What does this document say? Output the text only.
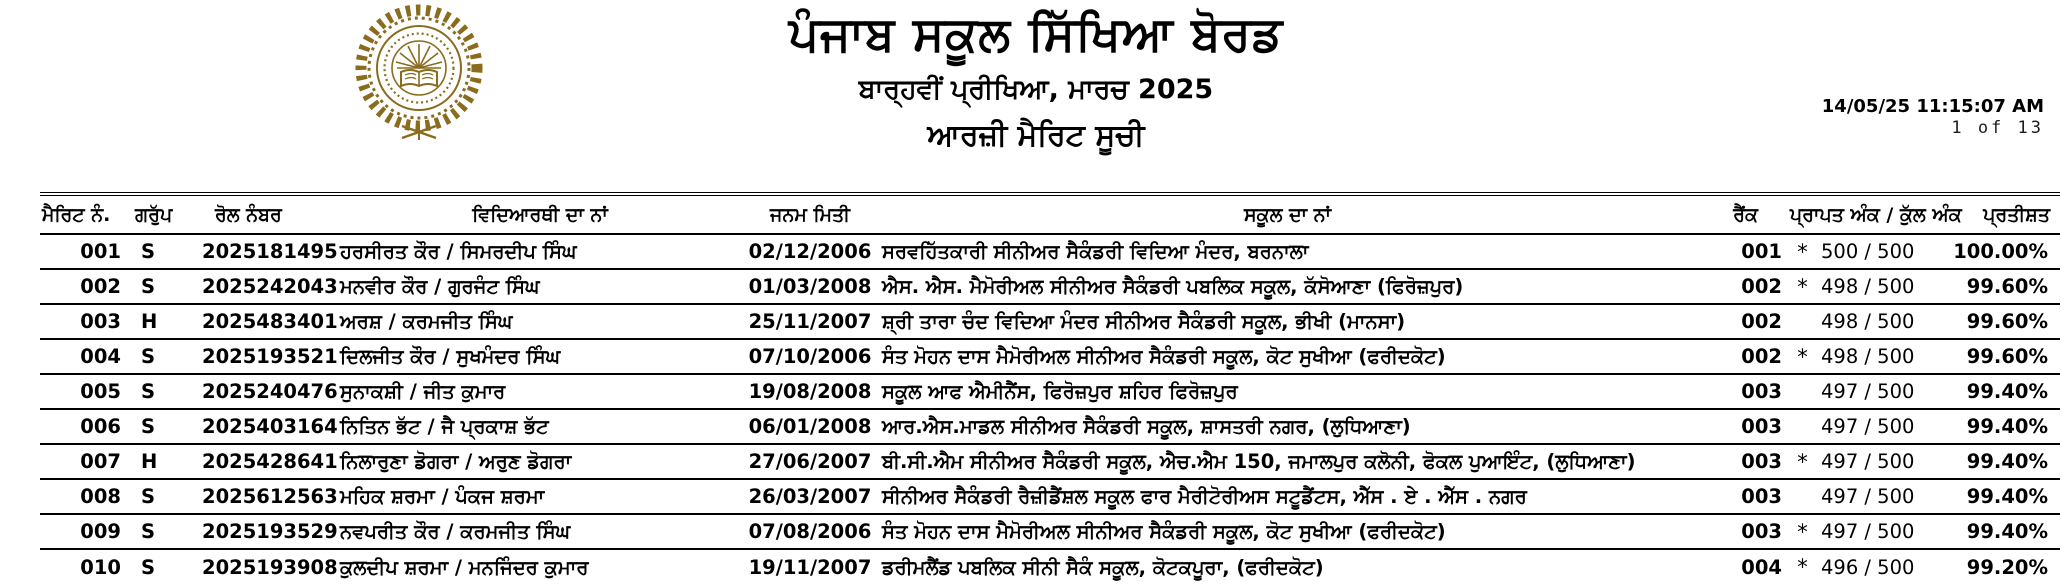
ਪੰਜਾਬ ਸਕੂਲ ਸਿੱਖਿਆ ਬੋਰਡ
ਬਾਰ੍ਹਵੀਂ ਪ੍ਰੀਖਿਆ, ਮਾਰਚ 2025
ਆਰਜ਼ੀ ਮੈਰਿਟ ਸੂਚੀ
14/05/25 11:15:07 AM
1 of 13
ਮੈਰਿਟ ਨੰ.	ਗਰੁੱਪ	ਰੋਲ ਨੰਬਰ	ਵਿਦਿਆਰਥੀ ਦਾ ਨਾਂ	ਜਨਮ ਮਿਤੀ	ਸਕੂਲ ਦਾ ਨਾਂ	ਰੈਂਕ	ਪ੍ਰਾਪਤ ਅੰਕ / ਕੁੱਲ ਅੰਕ		ਪ੍ਰਤੀਸ਼ਤ
001	S	2025181495	ਹਰਸੀਰਤ ਕੌਰ / ਸਿਮਰਦੀਪ ਸਿੰਘ	02/12/2006	ਸਰਵਹਿੱਤਕਾਰੀ ਸੀਨੀਅਰ ਸੈਕੰਡਰੀ ਵਿਦਿਆ ਮੰਦਰ, ਬਰਨਾਲਾ	001	*	500 / 500	100.00%
002	S	2025242043	ਮਨਵੀਰ ਕੌਰ / ਗੁਰਜੰਟ ਸਿੰਘ	01/03/2008	ਐਸ. ਐਸ. ਮੈਮੋਰੀਅਲ ਸੀਨੀਅਰ ਸੈਕੰਡਰੀ ਪਬਲਿਕ ਸਕੂਲ, ਕੱਸੋਆਣਾ (ਫਿਰੋਜ਼ਪੁਰ)	002	*	498 / 500	99.60%
003	H	2025483401	ਅਰਸ਼ / ਕਰਮਜੀਤ ਸਿੰਘ	25/11/2007	ਸ਼੍ਰੀ ਤਾਰਾ ਚੰਦ ਵਿਦਿਆ ਮੰਦਰ ਸੀਨੀਅਰ ਸੈਕੰਡਰੀ ਸਕੂਲ, ਭੀਖੀ (ਮਾਨਸਾ)	002		498 / 500	99.60%
004	S	2025193521	ਦਿਲਜੀਤ ਕੌਰ / ਸੁਖਮੰਦਰ ਸਿੰਘ	07/10/2006	ਸੰਤ ਮੋਹਨ ਦਾਸ ਮੈਮੋਰੀਅਲ ਸੀਨੀਅਰ ਸੈਕੰਡਰੀ ਸਕੂਲ, ਕੋਟ ਸੁਖੀਆ (ਫਰੀਦਕੋਟ)	002	*	498 / 500	99.60%
005	S	2025240476	ਸੁਨਾਕਸ਼ੀ / ਜੀਤ ਕੁਮਾਰ	19/08/2008	ਸਕੂਲ ਆਫ ਐਮੀਨੈਂਸ, ਫਿਰੋਜ਼ਪੁਰ ਸ਼ਹਿਰ ਫਿਰੋਜ਼ਪੁਰ	003		497 / 500	99.40%
006	S	2025403164	ਨਿਤਿਨ ਭੱਟ / ਜੈ ਪ੍ਰਕਾਸ਼ ਭੱਟ	06/01/2008	ਆਰ.ਐਸ.ਮਾਡਲ ਸੀਨੀਅਰ ਸੈਕੰਡਰੀ ਸਕੂਲ, ਸ਼ਾਸਤਰੀ ਨਗਰ, (ਲੁਧਿਆਣਾ)	003		497 / 500	99.40%
007	H	2025428641	ਨਿਲਾਰੁਣਾ ਡੋਗਰਾ / ਅਰੁਣ ਡੋਗਰਾ	27/06/2007	ਬੀ.ਸੀ.ਐਮ ਸੀਨੀਅਰ ਸੈਕੰਡਰੀ ਸਕੂਲ, ਐਚ.ਐਮ 150, ਜਮਾਲਪੁਰ ਕਲੋਨੀ, ਫੋਕਲ ਪੁਆਇੰਟ, (ਲੁਧਿਆਣਾ)	003	*	497 / 500	99.40%
008	S	2025612563	ਮਹਿਕ ਸ਼ਰਮਾ / ਪੰਕਜ ਸ਼ਰਮਾ	26/03/2007	ਸੀਨੀਅਰ ਸੈਕੰਡਰੀ ਰੈਜ਼ੀਡੈਂਸ਼ਲ ਸਕੂਲ ਫਾਰ ਮੈਰੀਟੋਰੀਅਸ ਸਟੂਡੈਂਟਸ, ਐੱਸ . ਏ . ਐੱਸ . ਨਗਰ	003		497 / 500	99.40%
009	S	2025193529	ਨਵਪਰੀਤ ਕੌਰ / ਕਰਮਜੀਤ ਸਿੰਘ	07/08/2006	ਸੰਤ ਮੋਹਨ ਦਾਸ ਮੈਮੋਰੀਅਲ ਸੀਨੀਅਰ ਸੈਕੰਡਰੀ ਸਕੂਲ, ਕੋਟ ਸੁਖੀਆ (ਫਰੀਦਕੋਟ)	003	*	497 / 500	99.40%
010	S	2025193908	ਕੁਲਦੀਪ ਸ਼ਰਮਾ / ਮਨਜਿੰਦਰ ਕੁਮਾਰ	19/11/2007	ਡਰੀਮਲੈਂਡ ਪਬਲਿਕ ਸੀਨੀ ਸੈਕੰ ਸਕੂਲ, ਕੋਟਕਪੂਰਾ, (ਫਰੀਦਕੋਟ)	004	*	496 / 500	99.20%
